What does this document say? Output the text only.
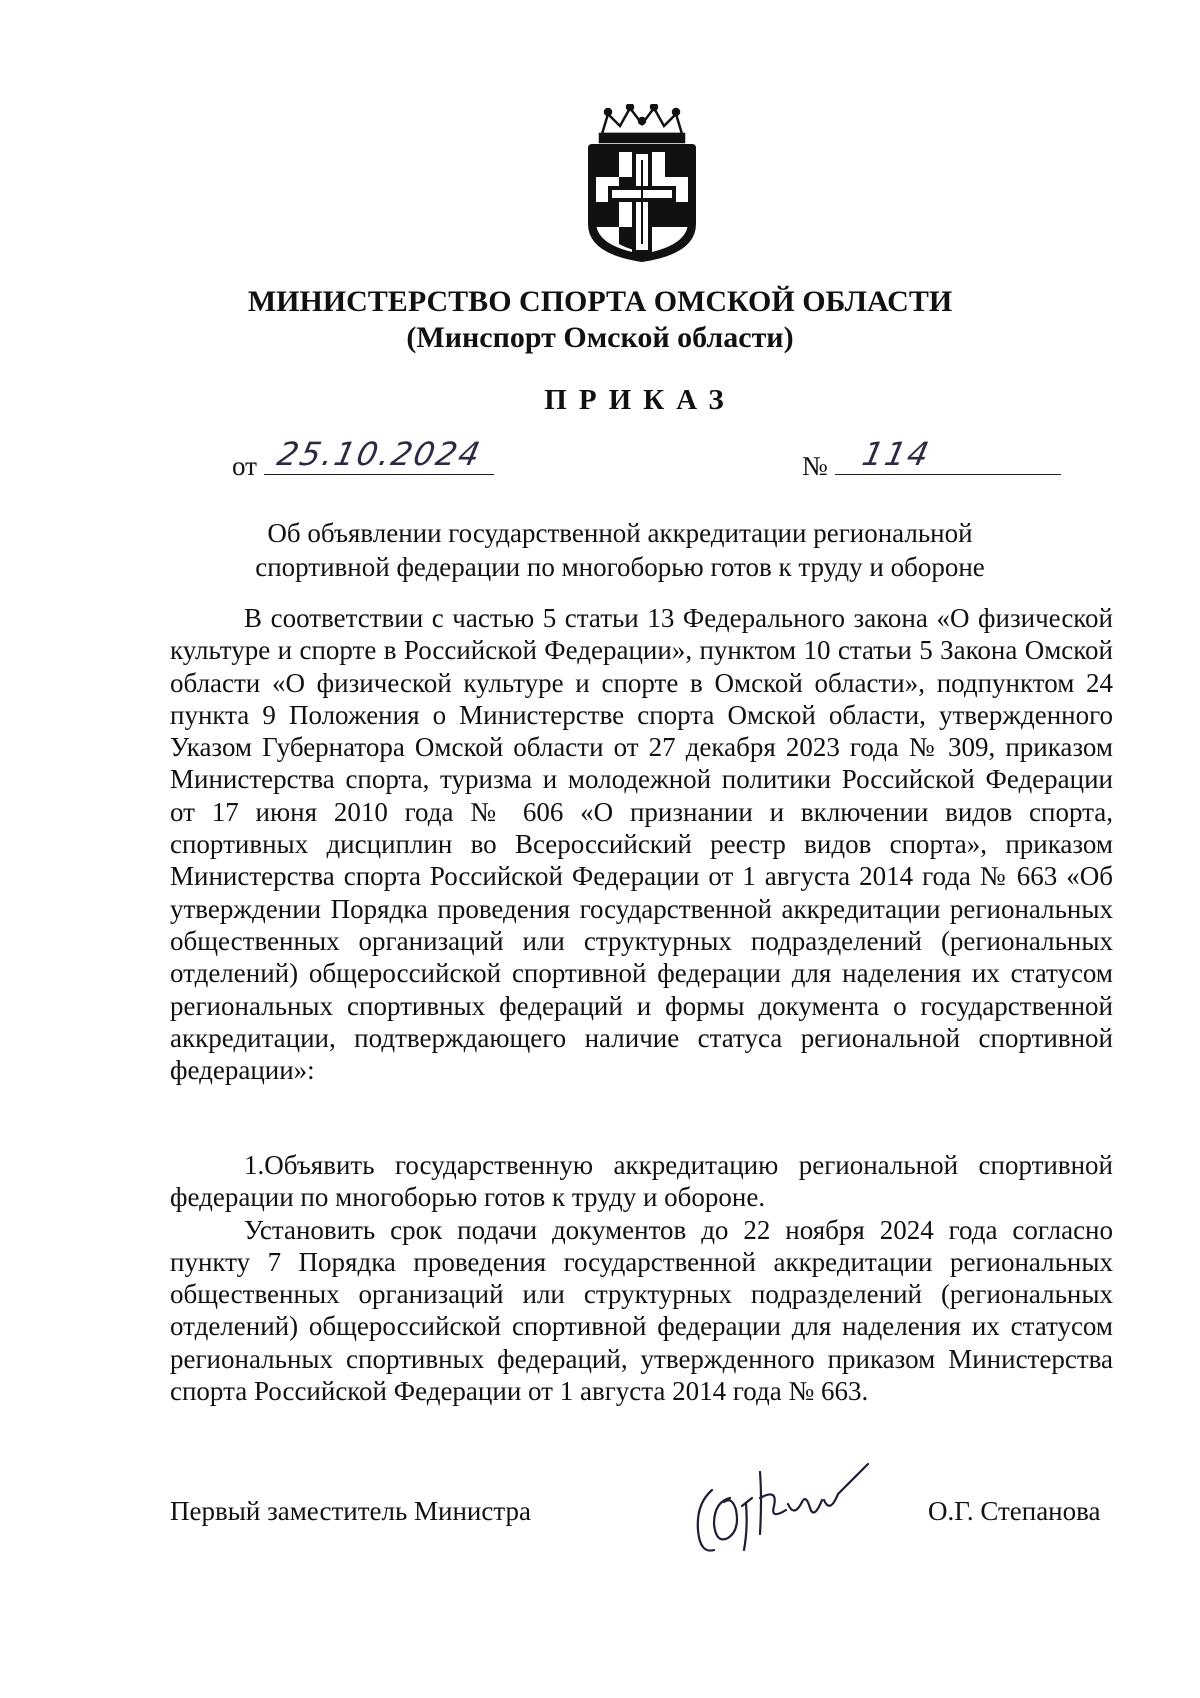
МИНИСТЕРСТВО СПОРТА ОМСКОЙ ОБЛАСТИ
(Минспорт Омской области)
ПРИКАЗ
от 25.10.2024	№ 114
Об объявлении государственной аккредитации региональной спортивной федерации по многоборью готов к труду и обороне

В соответствии с частью 5 статьи 13 Федерального закона «О физической культуре и спорте в Российской Федерации», пунктом 10 статьи 5 Закона Омской области «О физической культуре и спорте в Омской области», подпунктом 24 пункта 9 Положения о Министерстве спорта Омской области, утвержденного Указом Губернатора Омской области от 27 декабря 2023 года № 309, приказом Министерства спорта, туризма и молодежной политики Российской Федерации от 17 июня 2010 года № 606 «О признании и включении видов спорта, спортивных дисциплин во Всероссийский реестр видов спорта», приказом Министерства спорта Российской Федерации от 1 августа 2014 года № 663 «Об утверждении Порядка проведения государственной аккредитации региональных общественных организаций или структурных подразделений (региональных отделений) общероссийской спортивной федерации для наделения их статусом региональных спортивных федераций и формы документа о государственной аккредитации, подтверждающего наличие статуса региональной спортивной федерации»:

1.Объявить государственную аккредитацию региональной спортивной федерации по многоборью готов к труду и обороне.

Установить срок подачи документов до 22 ноября 2024 года согласно пункту 7 Порядка проведения государственной аккредитации региональных общественных организаций или структурных подразделений (региональных отделений) общероссийской спортивной федерации для наделения их статусом региональных спортивных федераций, утвержденного приказом Министерства спорта Российской Федерации от 1 августа 2014 года № 663.

Первый заместитель Министра	О.Г. Степанова
